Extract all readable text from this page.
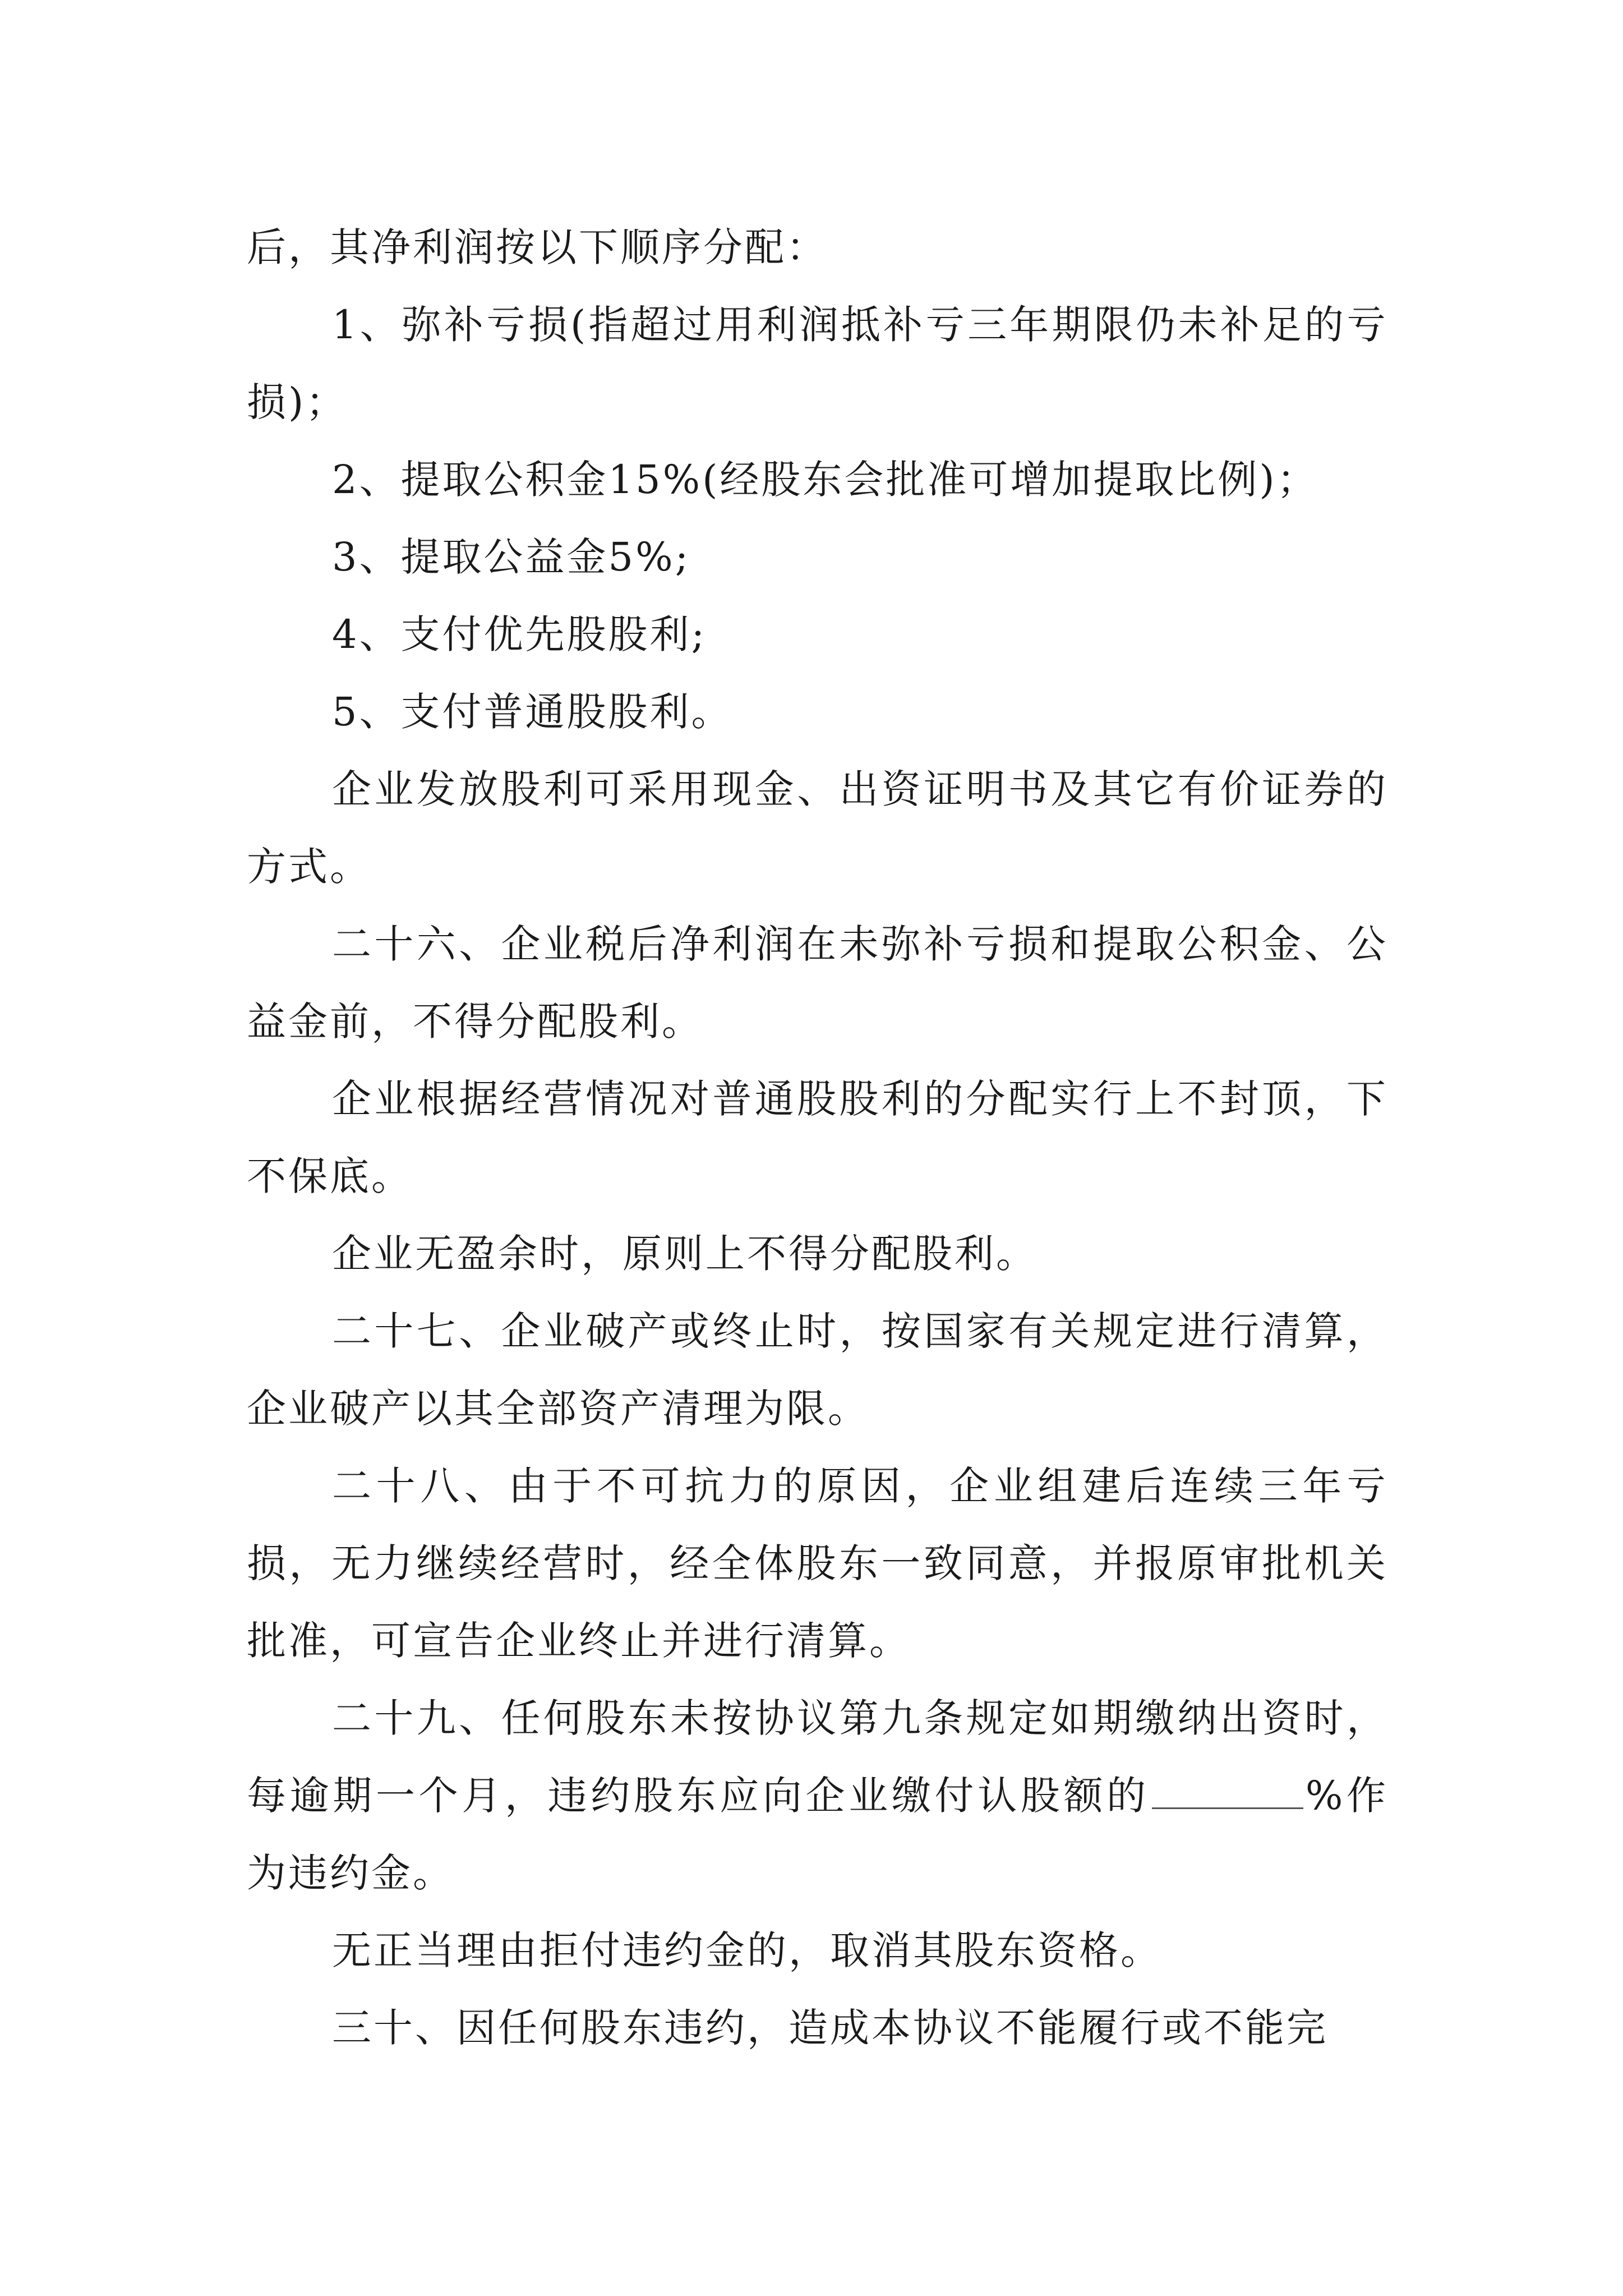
后，其净利润按以下顺序分配：

1、弥补亏损(指超过用利润抵补亏三年期限仍未补足的亏损)；

2、提取公积金15%(经股东会批准可增加提取比例)；

3、提取公益金5%;

4、支付优先股股利;

5、支付普通股股利。

企业发放股利可采用现金、出资证明书及其它有价证券的方式。

二十六、企业税后净利润在未弥补亏损和提取公积金、公益金前，不得分配股利。

企业根据经营情况对普通股股利的分配实行上不封顶，下不保底。

企业无盈余时，原则上不得分配股利。

二十七、企业破产或终止时，按国家有关规定进行清算，企业破产以其全部资产清理为限。

二十八、由于不可抗力的原因，企业组建后连续三年亏损，无力继续经营时，经全体股东一致同意，并报原审批机关批准，可宣告企业终止并进行清算。

二十九、任何股东未按协议第九条规定如期缴纳出资时，每逾期一个月，违约股东应向企业缴付认股额的	%作为违约金。

无正当理由拒付违约金的，取消其股东资格。

三十、因任何股东违约，造成本协议不能履行或不能完
